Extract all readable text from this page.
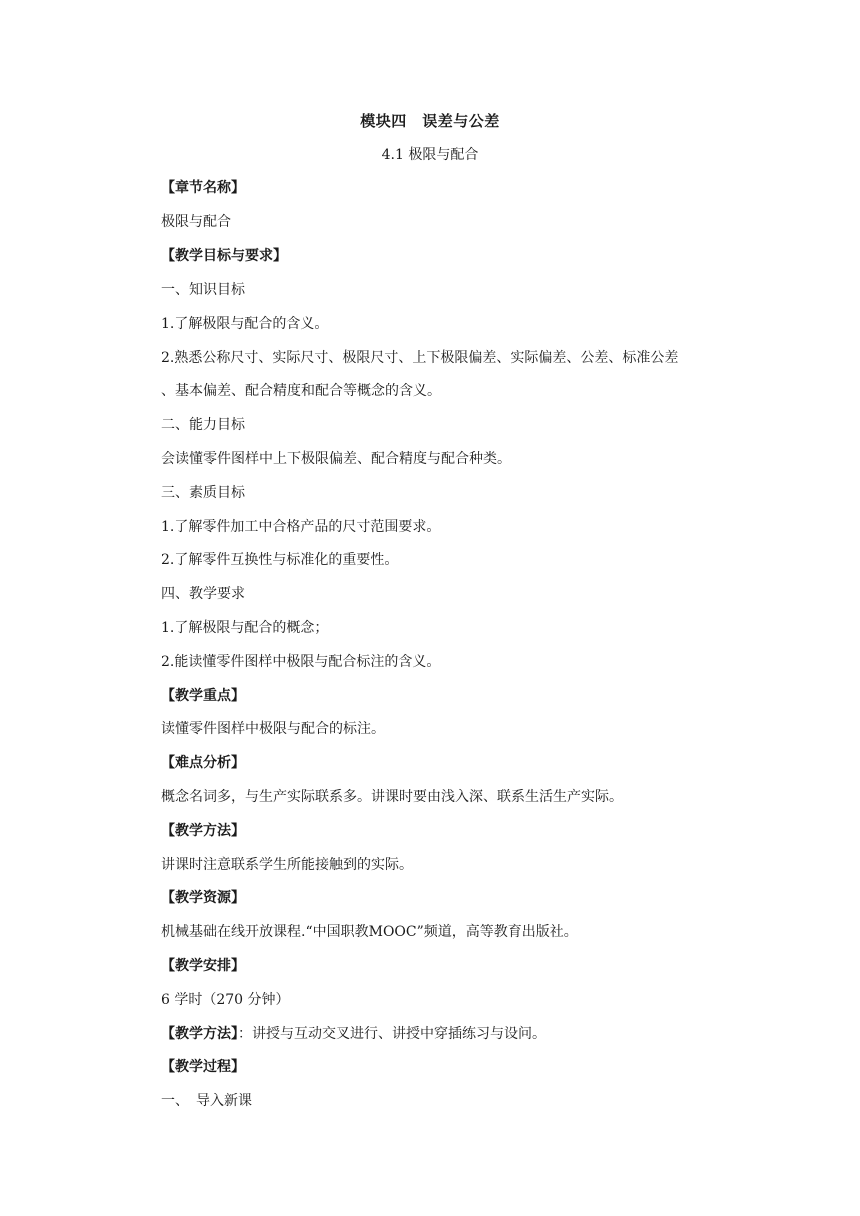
模块四　误差与公差
4.1 极限与配合
【章节名称】
极限与配合
【教学目标与要求】
一、知识目标
1.了解极限与配合的含义。
2.熟悉公称尺寸、实际尺寸、极限尺寸、上下极限偏差、实际偏差、公差、标准公差
、基本偏差、配合精度和配合等概念的含义。
二、能力目标
会读懂零件图样中上下极限偏差、配合精度与配合种类。
三、素质目标
1.了解零件加工中合格产品的尺寸范围要求。
2.了解零件互换性与标准化的重要性。
四、教学要求
1.了解极限与配合的概念；
2.能读懂零件图样中极限与配合标注的含义。
【教学重点】
读懂零件图样中极限与配合的标注。
【难点分析】
概念名词多，与生产实际联系多。讲课时要由浅入深、联系生活生产实际。
【教学方法】
讲课时注意联系学生所能接触到的实际。
【教学资源】
机械基础在线开放课程.“中国职教MOOC”频道，高等教育出版社。
【教学安排】
6 学时（270 分钟）
【教学方法】：讲授与互动交叉进行、讲授中穿插练习与设问。
【教学过程】
一、　导入新课
